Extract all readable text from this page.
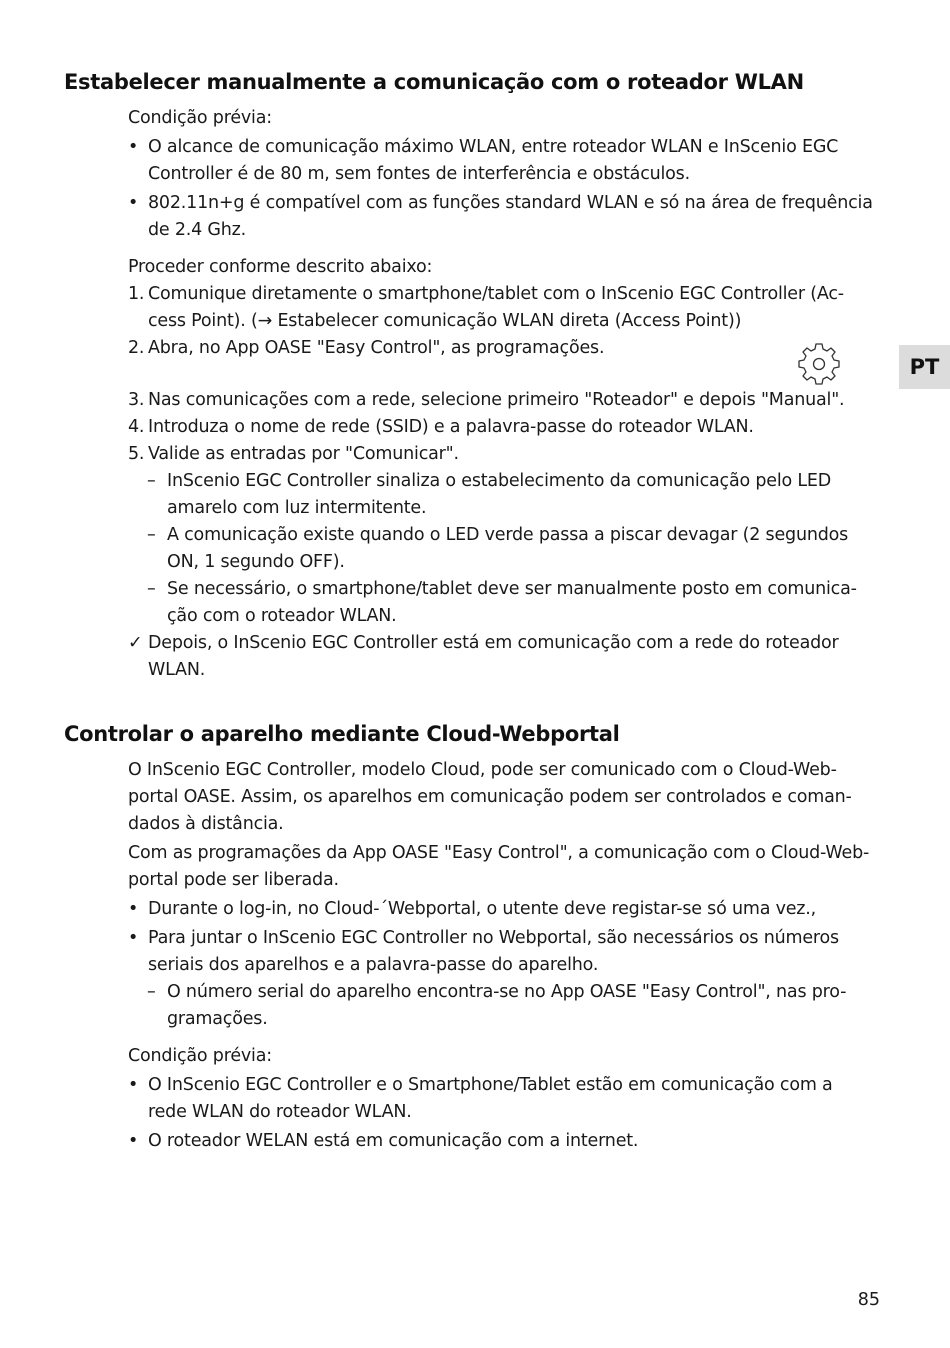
Estabelecer manualmente a comunicação com o roteador WLAN

Condição prévia:

• O alcance de comunicação máximo WLAN, entre roteador WLAN e InScenio EGC
Controller é de 80 m, sem fontes de interferência e obstáculos.
• 802.11n+g é compatível com as funções standard WLAN e só na área de frequência
de 2.4 Ghz.

Proceder conforme descrito abaixo:

1. Comunique diretamente o smartphone/tablet com o InScenio EGC Controller (Ac-
cess Point). (→ Estabelecer comunicação WLAN direta (Access Point))
2. Abra, no App OASE "Easy Control", as programações.
3. Nas comunicações com a rede, selecione primeiro "Roteador" e depois "Manual".
4. Introduza o nome de rede (SSID) e a palavra-passe do roteador WLAN.
5. Valide as entradas por "Comunicar".
– InScenio EGC Controller sinaliza o estabelecimento da comunicação pelo LED
amarelo com luz intermitente.
– A comunicação existe quando o LED verde passa a piscar devagar (2 segundos
ON, 1 segundo OFF).
– Se necessário, o smartphone/tablet deve ser manualmente posto em comunica-
ção com o roteador WLAN.
✓ Depois, o InScenio EGC Controller está em comunicação com a rede do roteador
WLAN.
Controlar o aparelho mediante Cloud-Webportal

O InScenio EGC Controller, modelo Cloud, pode ser comunicado com o Cloud-Web-
portal OASE. Assim, os aparelhos em comunicação podem ser controlados e coman-
dados à distância.

Com as programações da App OASE "Easy Control", a comunicação com o Cloud-Web-
portal pode ser liberada.

• Durante o log-in, no Cloud-´Webportal, o utente deve registar-se só uma vez.,
• Para juntar o InScenio EGC Controller no Webportal, são necessários os números
seriais dos aparelhos e a palavra-passe do aparelho.
– O número serial do aparelho encontra-se no App OASE "Easy Control", nas pro-
gramações.

Condição prévia:

• O InScenio EGC Controller e o Smartphone/Tablet estão em comunicação com a
rede WLAN do roteador WLAN.
• O roteador WELAN está em comunicação com a internet.
PT
85
